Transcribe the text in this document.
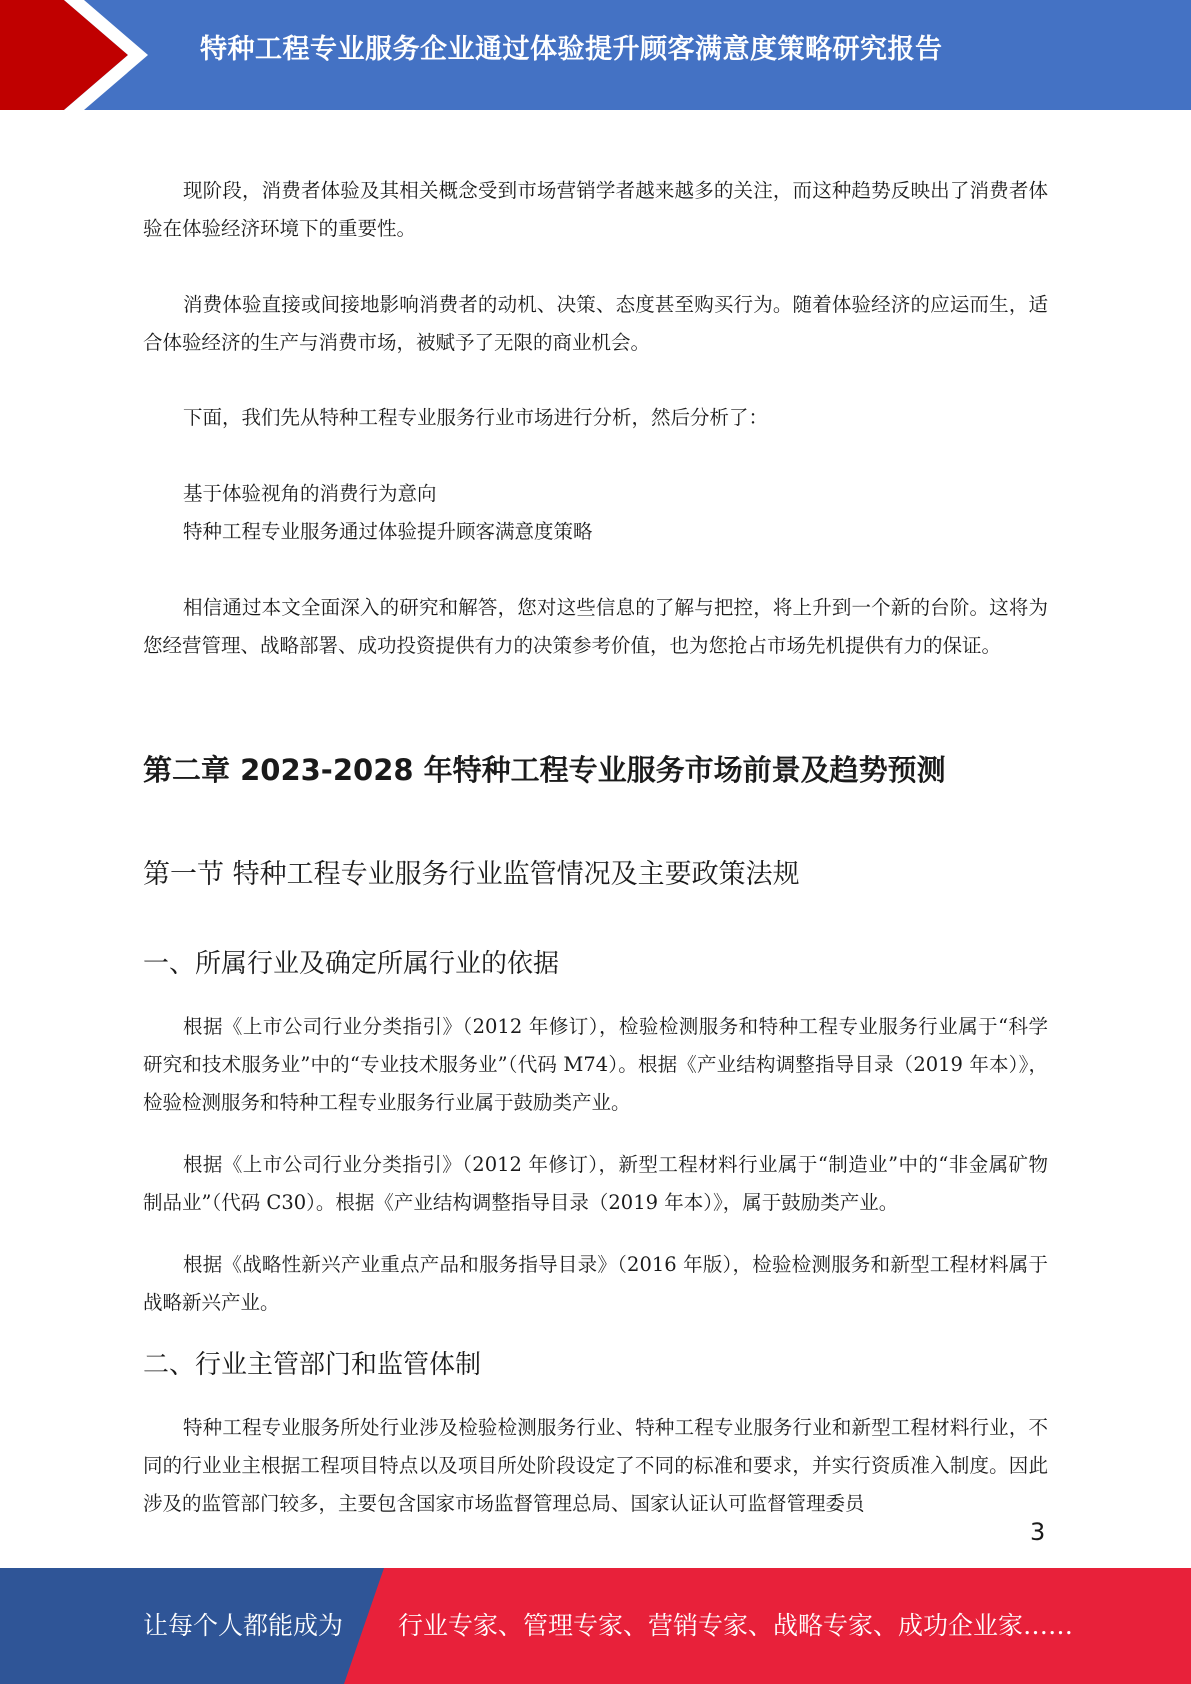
特种工程专业服务企业通过体验提升顾客满意度策略研究报告
现阶段，消费者体验及其相关概念受到市场营销学者越来越多的关注，而这种趋势反映出了消费者体验在体验经济环境下的重要性。
消费体验直接或间接地影响消费者的动机、决策、态度甚至购买行为。随着体验经济的应运而生，适合体验经济的生产与消费市场，被赋予了无限的商业机会。
下面，我们先从特种工程专业服务行业市场进行分析，然后分析了：
基于体验视角的消费行为意向
特种工程专业服务通过体验提升顾客满意度策略
相信通过本文全面深入的研究和解答，您对这些信息的了解与把控，将上升到一个新的台阶。这将为您经营管理、战略部署、成功投资提供有力的决策参考价值，也为您抢占市场先机提供有力的保证。
第二章 2023-2028 年特种工程专业服务市场前景及趋势预测
第一节 特种工程专业服务行业监管情况及主要政策法规
一、所属行业及确定所属行业的依据
根据《上市公司行业分类指引》（2012 年修订），检验检测服务和特种工程专业服务行业属于“科学研究和技术服务业”中的“专业技术服务业”（代码 M74）。根据《产业结构调整指导目录（2019 年本）》，检验检测服务和特种工程专业服务行业属于鼓励类产业。
根据《上市公司行业分类指引》（2012 年修订），新型工程材料行业属于“制造业”中的“非金属矿物制品业”（代码 C30）。根据《产业结构调整指导目录（2019 年本）》，属于鼓励类产业。
根据《战略性新兴产业重点产品和服务指导目录》（2016 年版），检验检测服务和新型工程材料属于战略新兴产业。
二、行业主管部门和监管体制
特种工程专业服务所处行业涉及检验检测服务行业、特种工程专业服务行业和新型工程材料行业，不同的行业业主根据工程项目特点以及项目所处阶段设定了不同的标准和要求，并实行资质准入制度。因此涉及的监管部门较多，主要包含国家市场监督管理总局、国家认证认可监督管理委员
3
让每个人都能成为 行业专家、管理专家、营销专家、战略专家、成功企业家……
